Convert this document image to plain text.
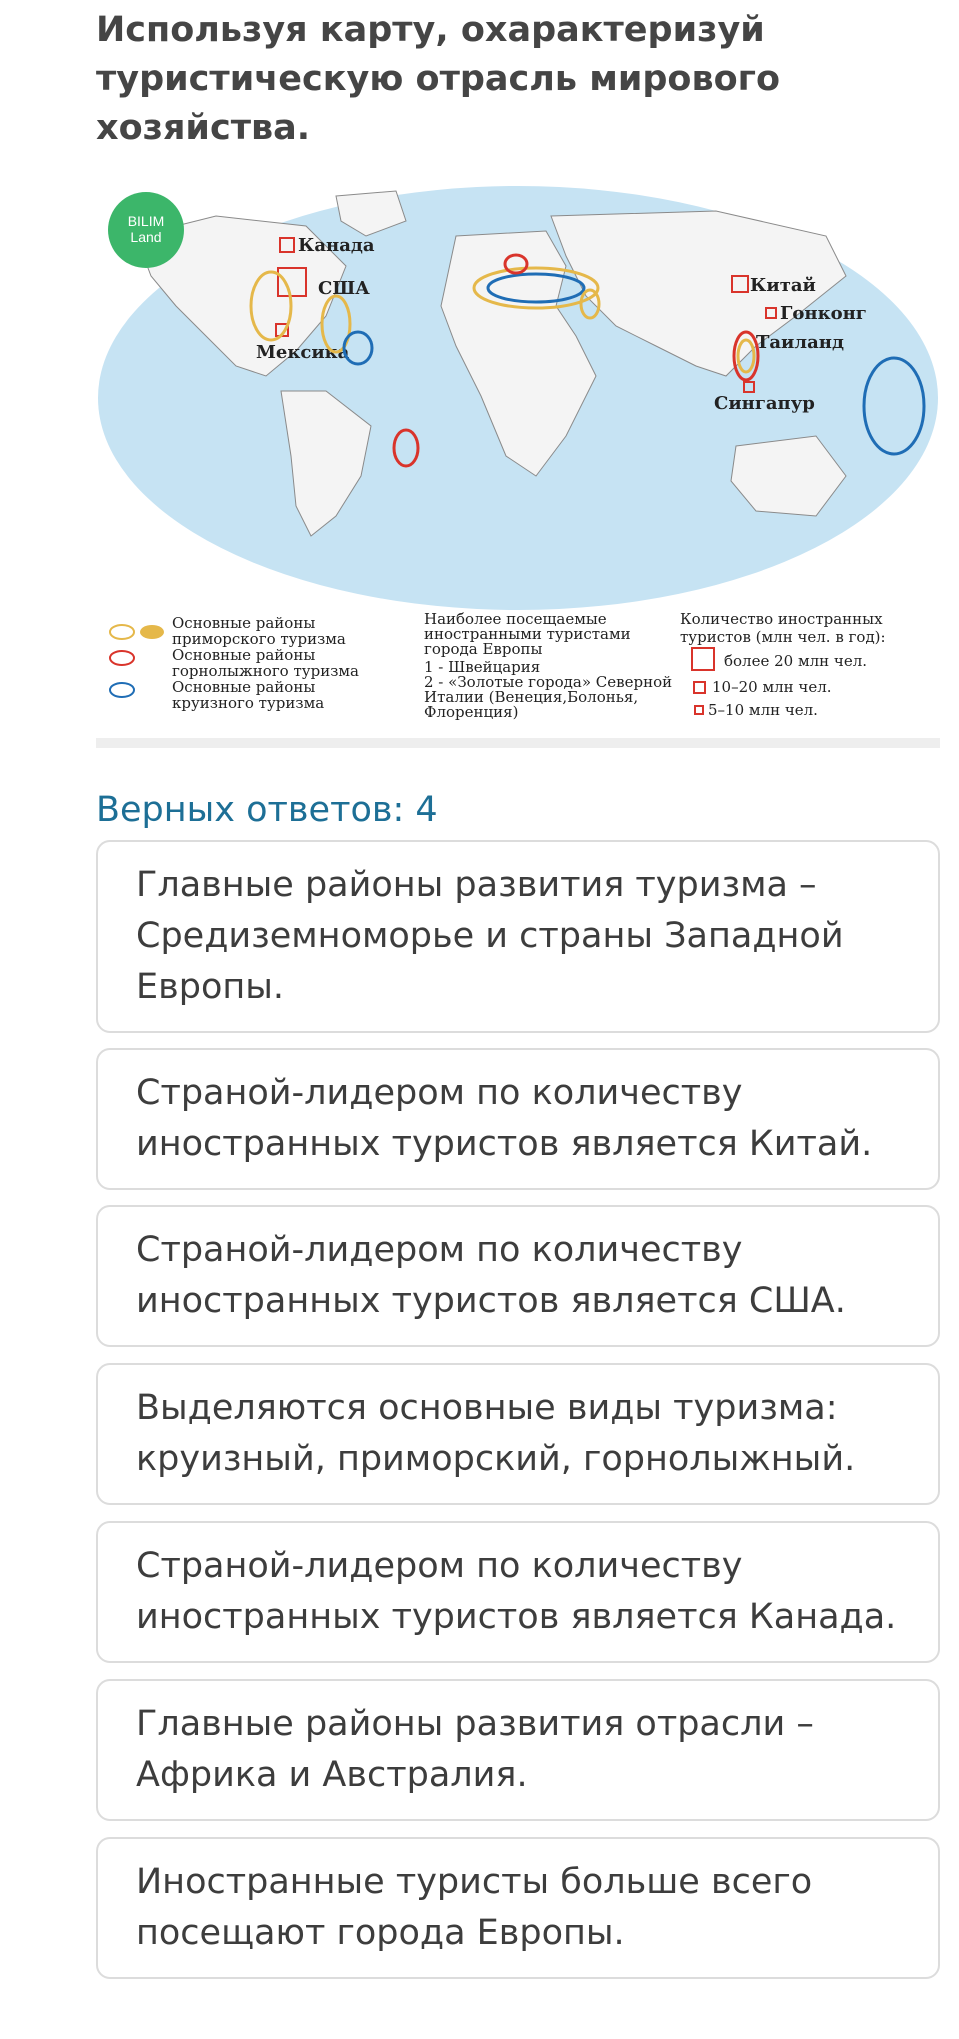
Используя карту, охарактеризуй туристическую отрасль мирового хозяйства.
BILIM
Land	Канада
США
Мексика
Китай
Гонконг
Таиланд
Сингапур
Основные районы
приморского туризма
Основные районы
горнолыжного туризма
Основные районы
круизного туризма
Наиболее посещаемые
иностранными туристами
города Европы
1 - Швейцария
2 - «Золотые города» Северной
Италии (Венеция,Болонья,
Флоренция)
Количество иностранных
туристов (млн чел. в год):
более 20 млн чел.
10–20 млн чел.
5–10 млн чел.
Верных ответов: 4
Главные районы развития туризма – Средиземноморье и страны Западной Европы.
Страной-лидером по количеству иностранных туристов является Китай.
Страной-лидером по количеству иностранных туристов является США.
Выделяются основные виды туризма: круизный, приморский, горнолыжный.
Страной-лидером по количеству иностранных туристов является Канада.
Главные районы развития отрасли – Африка и Австралия.
Иностранные туристы больше всего посещают города Европы.
